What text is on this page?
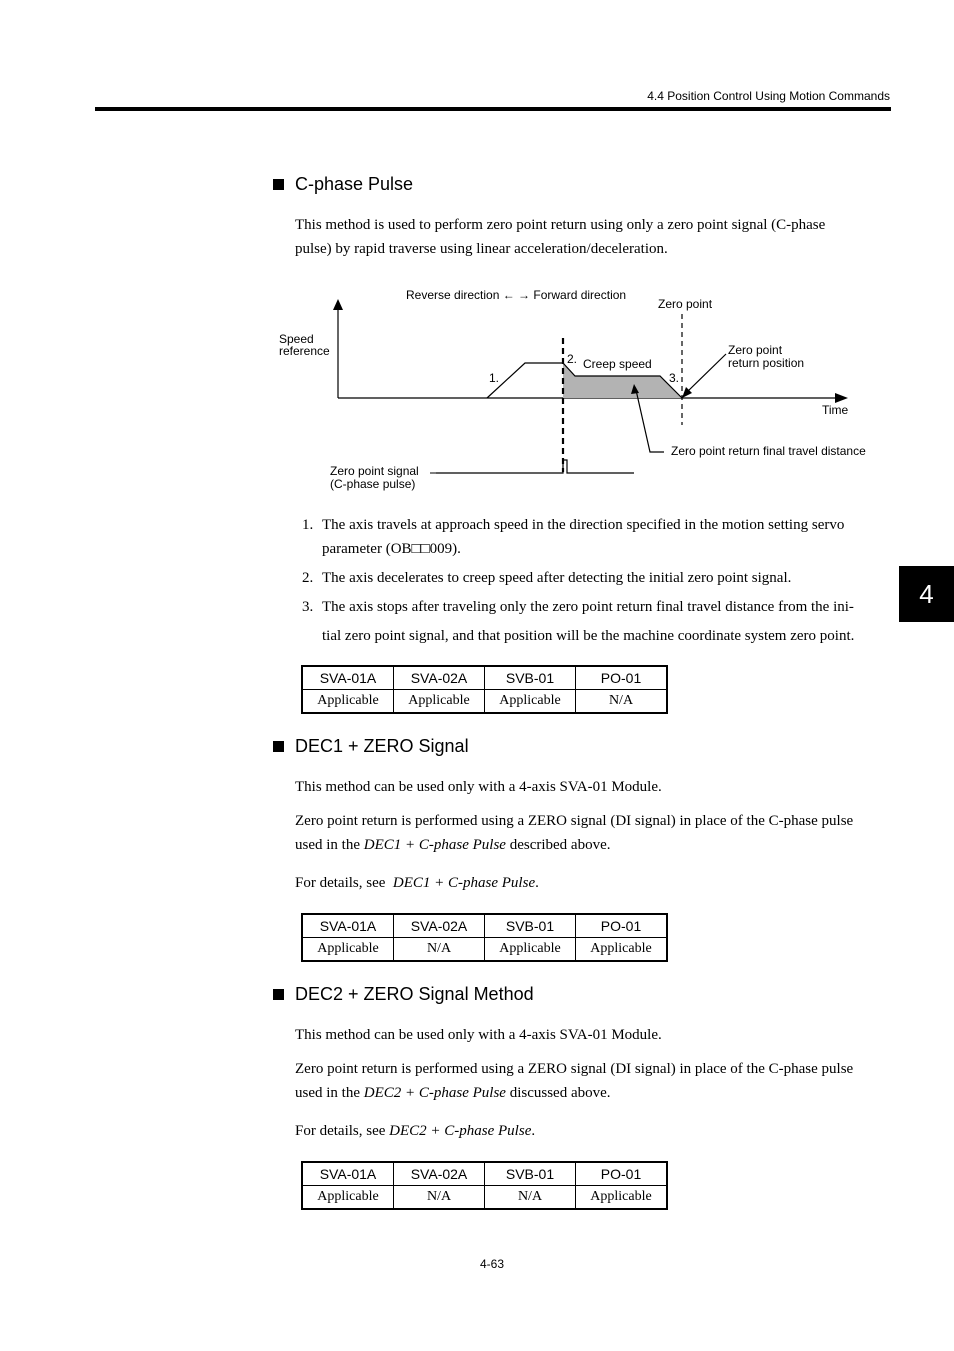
4.4 Position Control Using Motion Commands
4
C-phase Pulse
This method is used to perform zero point return using only a zero point signal (C-phase
pulse) by rapid traverse using linear acceleration/deceleration.
Reverse direction ← → Forward direction
Zero point
Speed
reference	Zero point
return position
2. Creep speed
1.	3.
Time
Zero point return final travel distance
Zero point signal
(C-phase pulse)
1. The axis travels at approach speed in the direction specified in the motion setting servo
parameter (OB□□009).
2. The axis decelerates to creep speed after detecting the initial zero point signal.
3. The axis stops after traveling only the zero point return final travel distance from the ini-
tial zero point signal, and that position will be the machine coordinate system zero point.
SVA-01A	SVA-02A	SVB-01	PO-01
Applicable	Applicable	Applicable	N/A
DEC1 + ZERO Signal
This method can be used only with a 4-axis SVA-01 Module.
Zero point return is performed using a ZERO signal (DI signal) in place of the C-phase pulse
used in the DEC1 + C-phase Pulse described above.
For details, see  DEC1 + C-phase Pulse.
SVA-01A	SVA-02A	SVB-01	PO-01
Applicable	N/A	Applicable	Applicable
DEC2 + ZERO Signal Method
This method can be used only with a 4-axis SVA-01 Module.
Zero point return is performed using a ZERO signal (DI signal) in place of the C-phase pulse
used in the DEC2 + C-phase Pulse discussed above.
For details, see DEC2 + C-phase Pulse.
SVA-01A	SVA-02A	SVB-01	PO-01
Applicable	N/A	N/A	Applicable
4-63
